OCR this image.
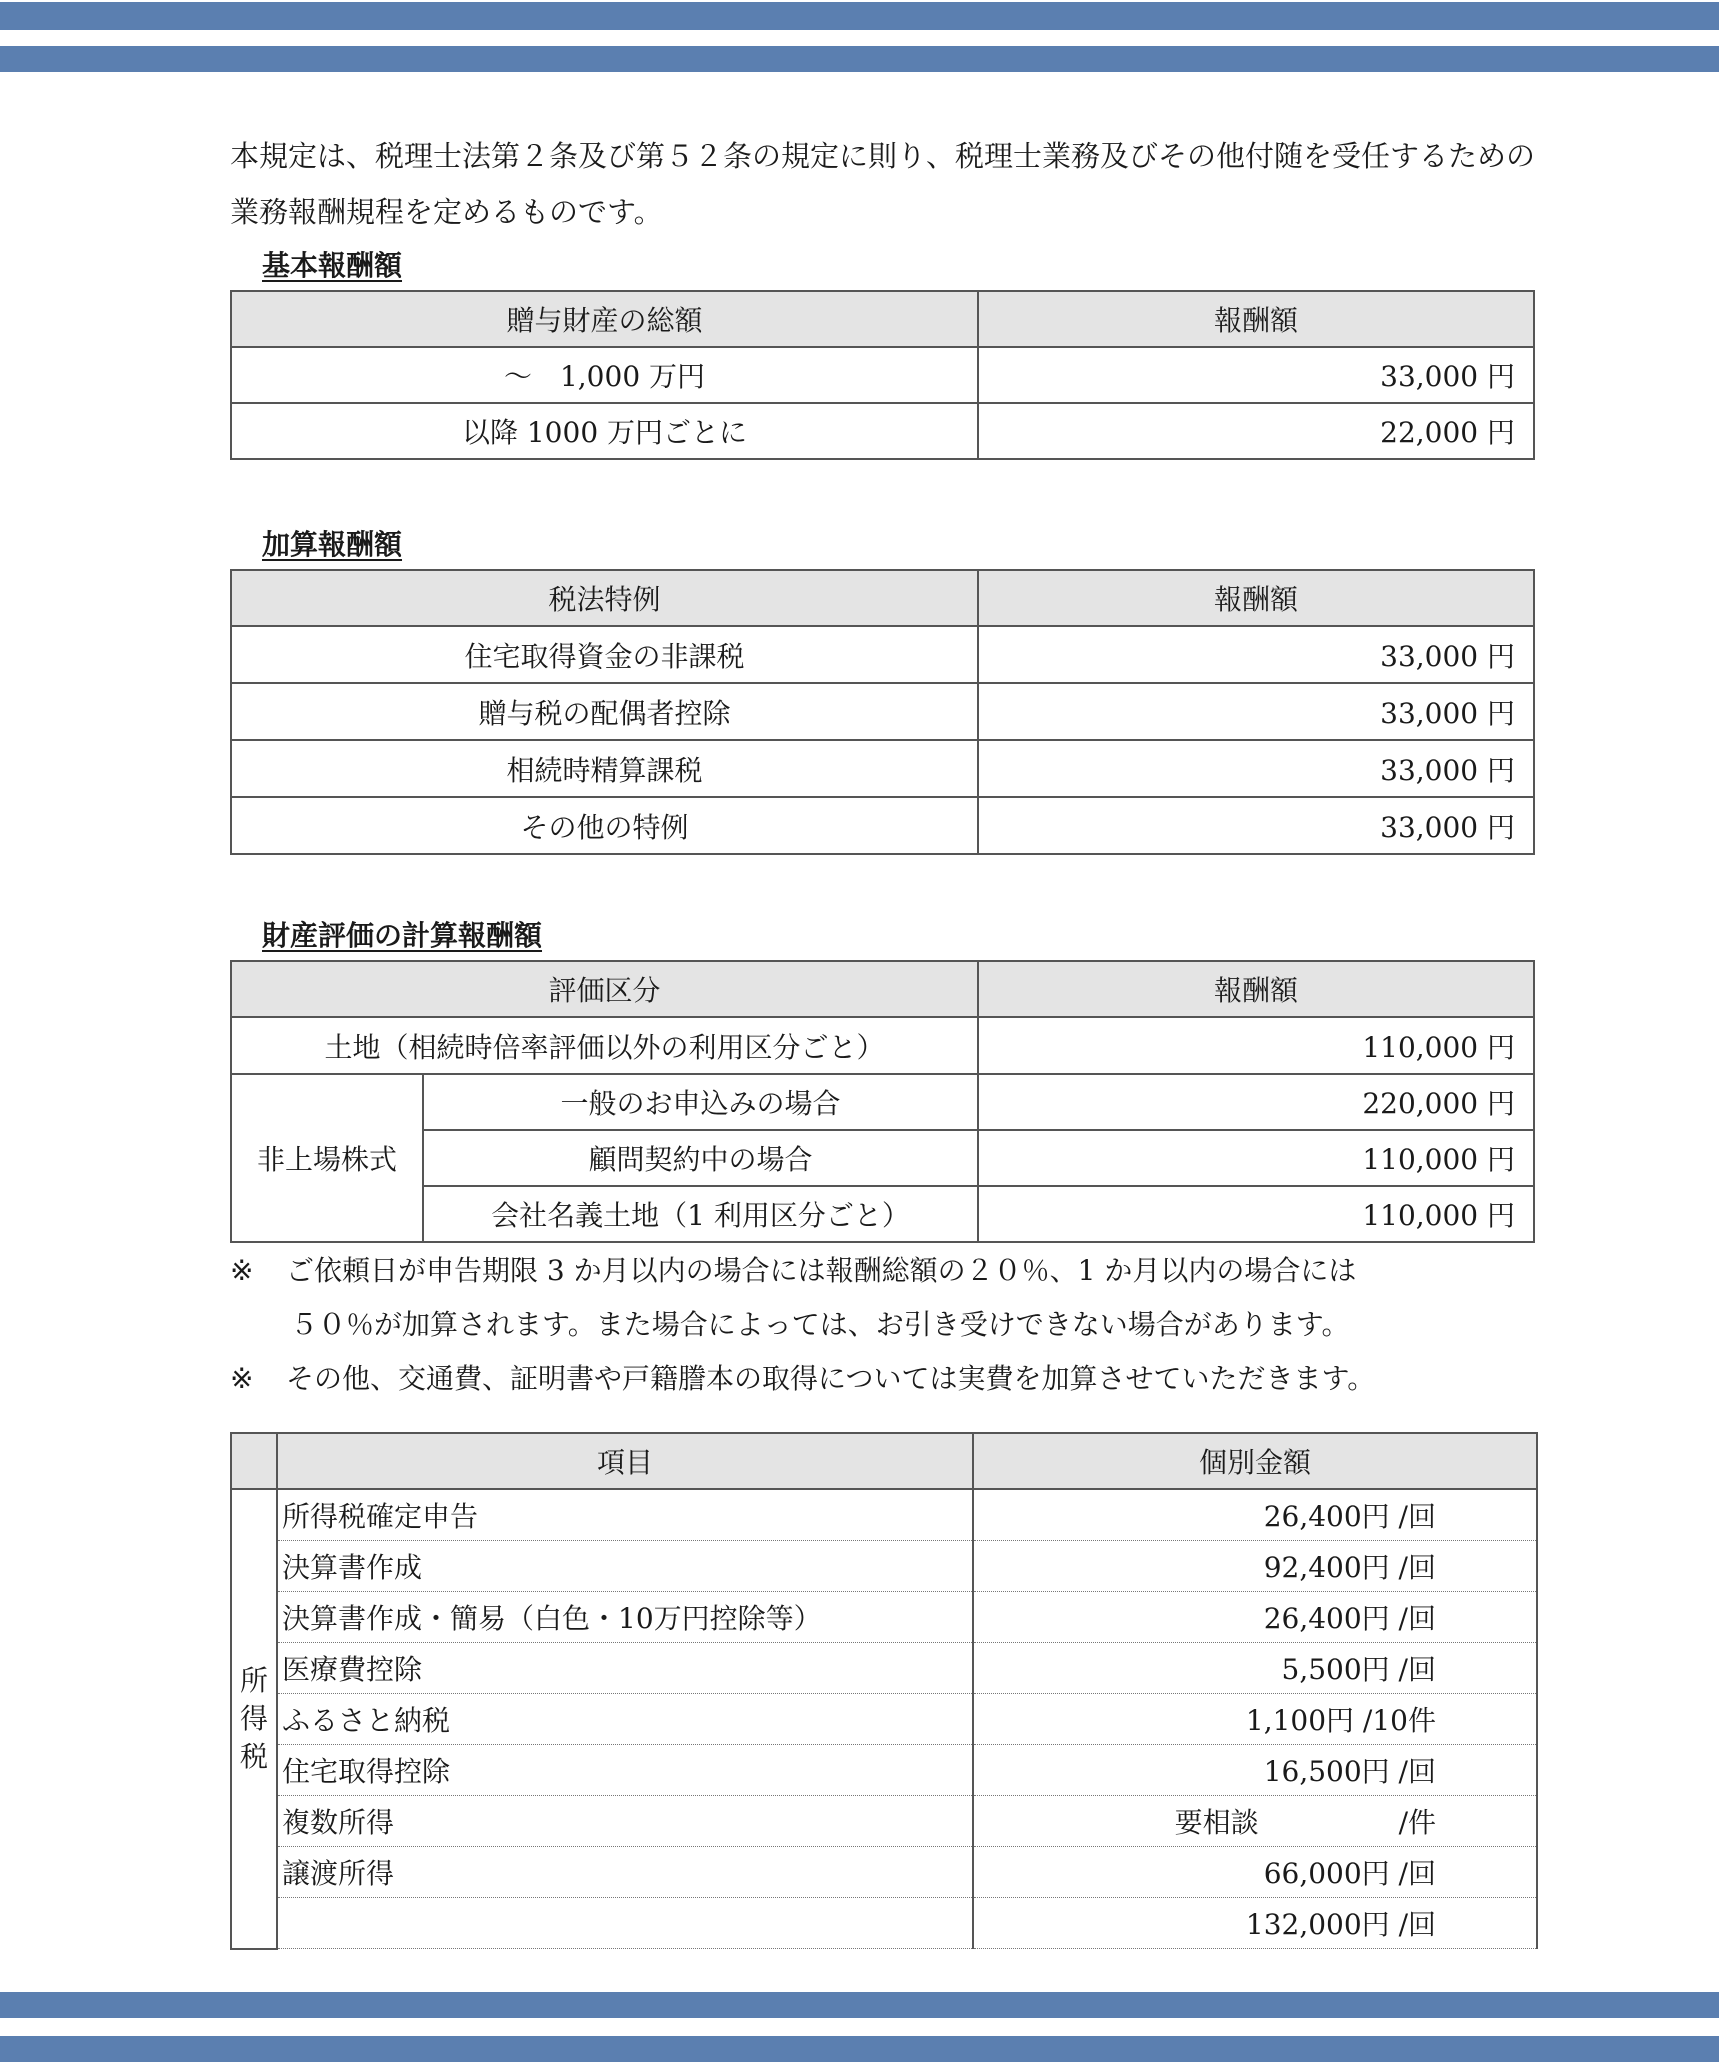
本規定は、税理士法第２条及び第５２条の規定に則り、税理士業務及びその他付随を受任するための業務報酬規程を定めるものです。

基本報酬額

贈与財産の総額	報酬額
～　1,000 万円	33,000 円
以降 1000 万円ごとに	22,000 円

加算報酬額

税法特例	報酬額
住宅取得資金の非課税	33,000 円
贈与税の配偶者控除	33,000 円
相続時精算課税	33,000 円
その他の特例	33,000 円

財産評価の計算報酬額

評価区分		報酬額
土地（相続時倍率評価以外の利用区分ごと）		110,000 円
非上場株式	一般のお申込みの場合	220,000 円
	顧問契約中の場合	110,000 円
	会社名義土地（1 利用区分ごと）	110,000 円
※ ご依頼日が申告期限 3 か月以内の場合には報酬総額の２０％、1 か月以内の場合には
５０％が加算されます。また場合によっては、お引き受けできない場合があります。
※ その他、交通費、証明書や戸籍謄本の取得については実費を加算させていただきます。
	項目	個別金額
所得税	所得税確定申告	26,400円 /回
	決算書作成	92,400円 /回
	決算書作成・簡易（白色・10万円控除等）	26,400円 /回
	医療費控除	5,500円 /回
	ふるさと納税	1,100円 /10件
	住宅取得控除	16,500円 /回
	複数所得	要相談　　　　　/件
	譲渡所得	66,000円 /回
		132,000円 /回
